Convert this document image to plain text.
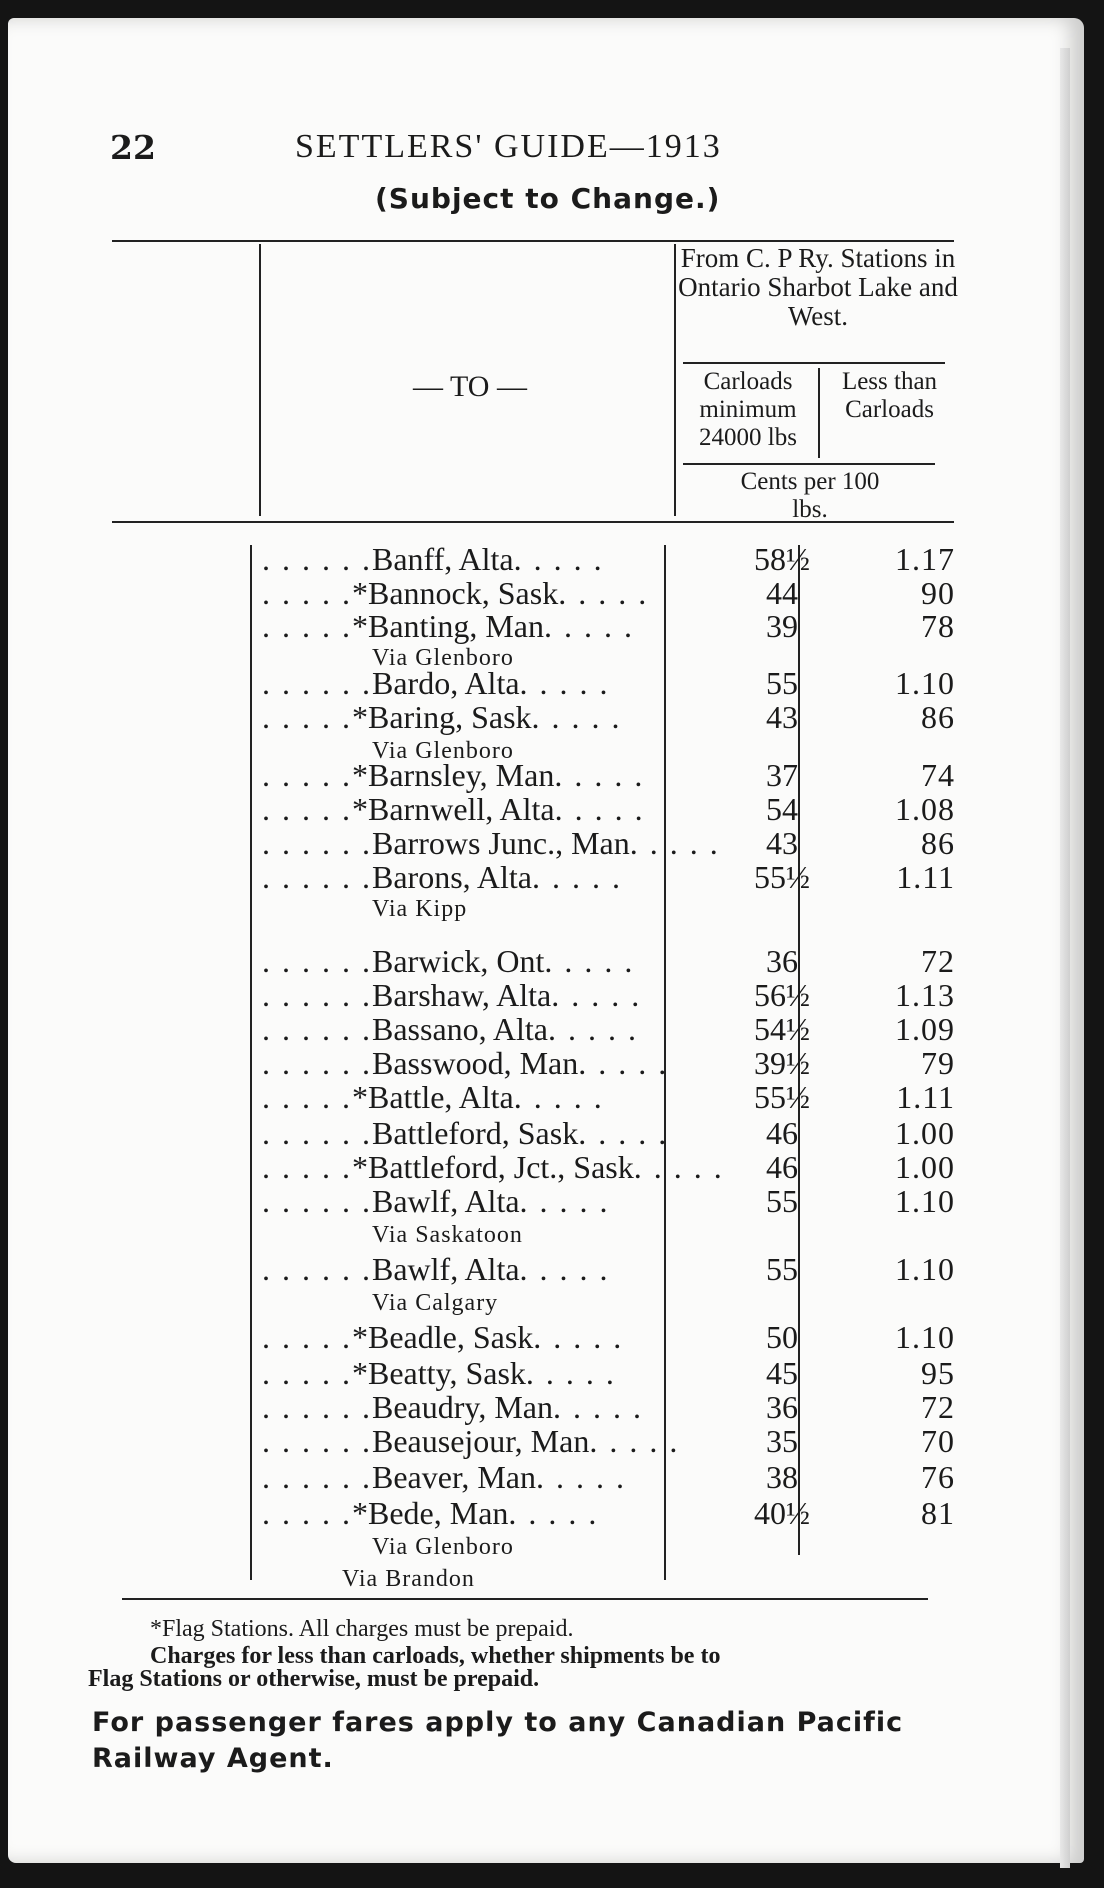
22	SETTLERS' GUIDE—1913
(Subject to Change.)
— TO —
From C. P Ry. Stations in Ontario Sharbot Lake and West.
Carloads minimum 24000 lbs
Less than Carloads
Cents per 100 lbs.
. . . . . .Banff, Alta. . . . .	58½	1.17
. . . . .*Bannock, Sask. . . . .	44	90
. . . . .*Banting, Man. . . . .	39	78
Via Glenboro
. . . . . .Bardo, Alta. . . . .	55	1.10
. . . . .*Baring, Sask. . . . .	43	86
Via Glenboro
. . . . .*Barnsley, Man. . . . .	37	74
. . . . .*Barnwell, Alta. . . . .	54	1.08
. . . . . .Barrows Junc., Man. . . . .	43	86
. . . . . .Barons, Alta. . . . .	55½	1.11
Via Kipp
. . . . . .Barwick, Ont. . . . .	36	72
. . . . . .Barshaw, Alta. . . . .	56½	1.13
. . . . . .Bassano, Alta. . . . .	54½	1.09
. . . . . .Basswood, Man. . . . .	39½	79
. . . . .*Battle, Alta. . . . .	55½	1.11
. . . . . .Battleford, Sask. . . . .	46	1.00
. . . . .*Battleford, Jct., Sask. . . . .	46	1.00
. . . . . .Bawlf, Alta. . . . .	55	1.10
Via Saskatoon
. . . . . .Bawlf, Alta. . . . .	55	1.10
Via Calgary
. . . . .*Beadle, Sask. . . . .	50	1.10
. . . . .*Beatty, Sask. . . . .	45	95
. . . . . .Beaudry, Man. . . . .	36	72
. . . . . .Beausejour, Man. . . . .	35	70
. . . . . .Beaver, Man. . . . .	38	76
. . . . .*Bede, Man. . . . .	40½	81
Via Glenboro
Via Brandon
*Flag Stations. All charges must be prepaid.
Charges for less than carloads, whether shipments be to
Flag Stations or otherwise, must be prepaid.
For passenger fares apply to any Canadian Pacific Railway Agent.
